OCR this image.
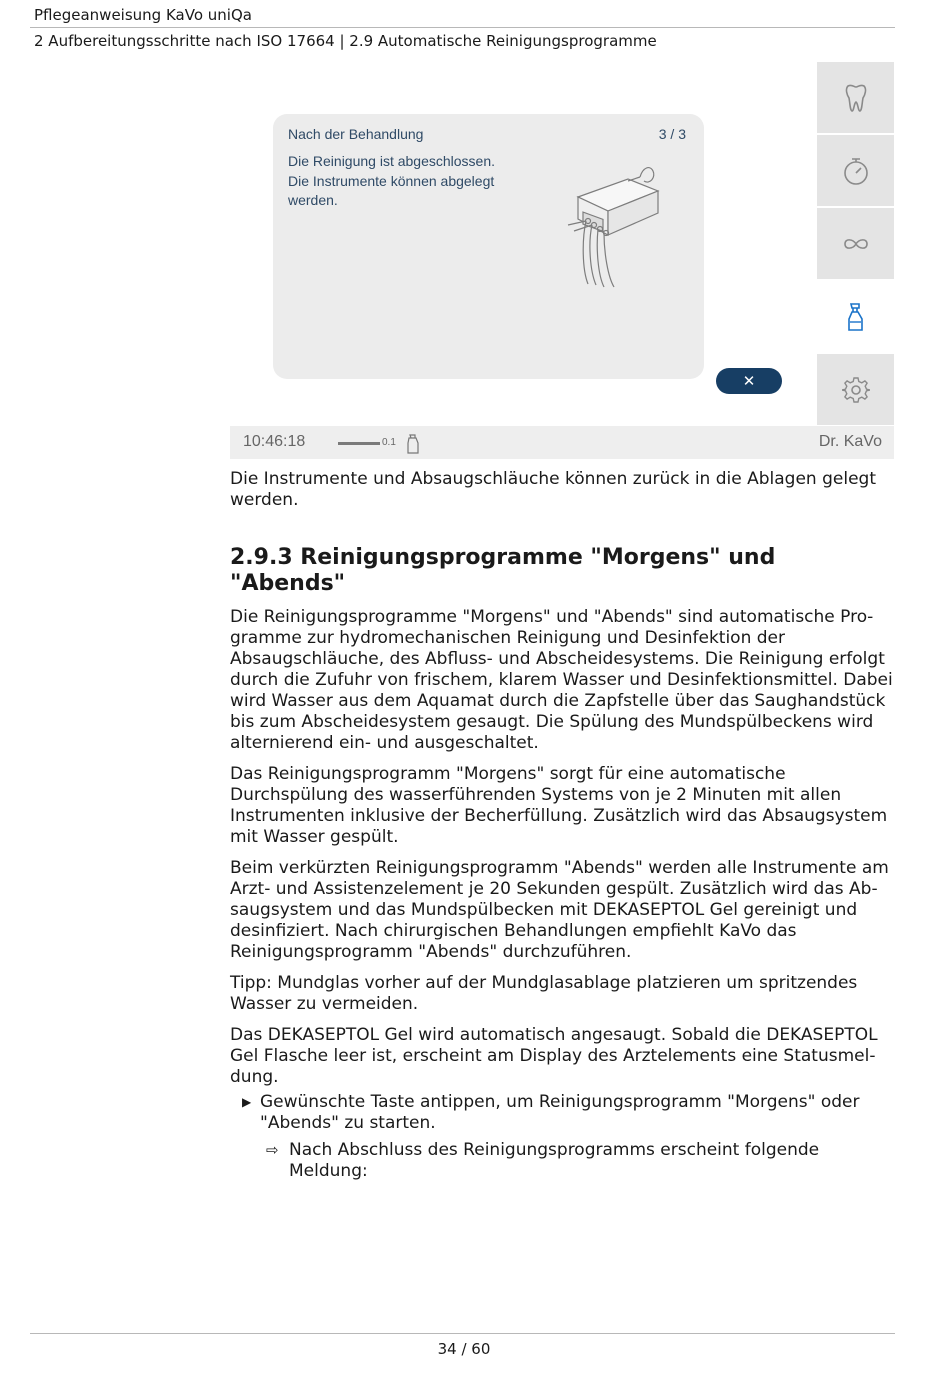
Pflegeanweisung KaVo uniQa
2 Aufbereitungsschritte nach ISO 17664 | 2.9 Automatische Reinigungsprogramme
Nach der Behandlung	3 / 3
Die Reinigung ist abgeschlossen.
Die Instrumente können abgelegt
werden.
✕
10:46:18	0.1	Dr. KaVo

Die Instrumente und Absaugschläuche können zurück in die Ablagen gelegt werden.

2.9.3 Reinigungsprogramme "Morgens" und "Abends"

Die Reinigungsprogramme "Morgens" und "Abends" sind automatische Programme zur hydromechanischen Reinigung und Desinfektion der Absaugschläuche, des Abfluss- und Abscheidesystems. Die Reinigung erfolgt durch die Zufuhr von frischem, klarem Wasser und Desinfektionsmittel. Dabei wird Wasser aus dem Aquamat durch die Zapfstelle über das Saughandstück bis zum Abscheidesystem gesaugt. Die Spülung des Mundspülbeckens wird alternierend ein- und ausgeschaltet.

Das Reinigungsprogramm "Morgens" sorgt für eine automatische Durchspülung des wasserführenden Systems von je 2 Minuten mit allen Instrumenten inklusive der Becherfüllung. Zusätzlich wird das Absaugsystem mit Wasser gespült.

Beim verkürzten Reinigungsprogramm "Abends" werden alle Instrumente am Arzt- und Assistenzelement je 20 Sekunden gespült. Zusätzlich wird das Absaugsystem und das Mundspülbecken mit DEKASEPTOL Gel gereinigt und desinfiziert. Nach chirurgischen Behandlungen empfiehlt KaVo das Reinigungsprogramm "Abends" durchzuführen.

Tipp: Mundglas vorher auf der Mundglasablage platzieren um spritzendes Wasser zu vermeiden.

Das DEKASEPTOL Gel wird automatisch angesaugt. Sobald die DEKASEPTOL Gel Flasche leer ist, erscheint am Display des Arztelements eine Statusmeldung.

▶ Gewünschte Taste antippen, um Reinigungsprogramm "Morgens" oder "Abends" zu starten.
⇨ Nach Abschluss des Reinigungsprogramms erscheint folgende Meldung:
34 / 60
